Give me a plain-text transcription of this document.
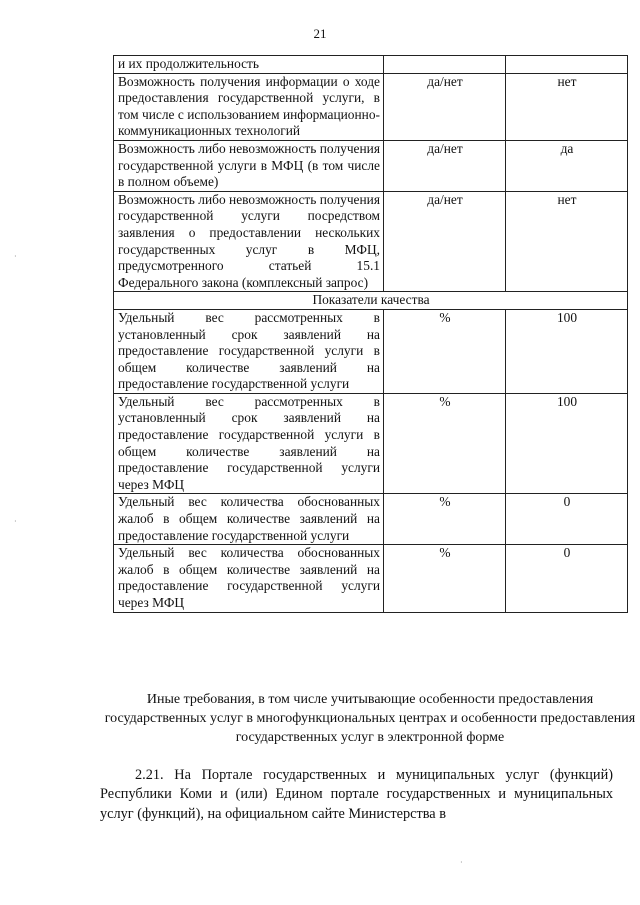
21
и их продолжительность		
Возможность получения информации о ходе предоставления государственной услуги, в том числе с использованием информационно-коммуникационных технологий	да/нет	нет
Возможность либо невозможность получения государственной услуги в МФЦ (в том числе в полном объеме)	да/нет	да
Возможность либо невозможность получения государственной услуги посредством заявления о предоставлении нескольких государственных услуг в МФЦ, предусмотренного статьей 15.1 Федерального закона (комплексный запрос)	да/нет	нет
Показатели качества		
Удельный вес рассмотренных в установленный срок заявлений на предоставление государственной услуги в общем количестве заявлений на предоставление государственной услуги	%	100
Удельный вес рассмотренных в установленный срок заявлений на предоставление государственной услуги в общем количестве заявлений на предоставление государственной услуги через МФЦ	%	100
Удельный вес количества обоснованных жалоб в общем количестве заявлений на предоставление государственной услуги	%	0
Удельный вес количества обоснованных жалоб в общем количестве заявлений на предоставление государственной услуги через МФЦ	%	0
Иные требования, в том числе учитывающие особенности предоставления государственных услуг в многофункциональных центрах и особенности предоставления государственных услуг в электронной форме

2.21. На Портале государственных и муниципальных услуг (функций) Республики Коми и (или) Едином портале государственных и муниципальных услуг (функций), на официальном сайте Министерства в

·
·
·
